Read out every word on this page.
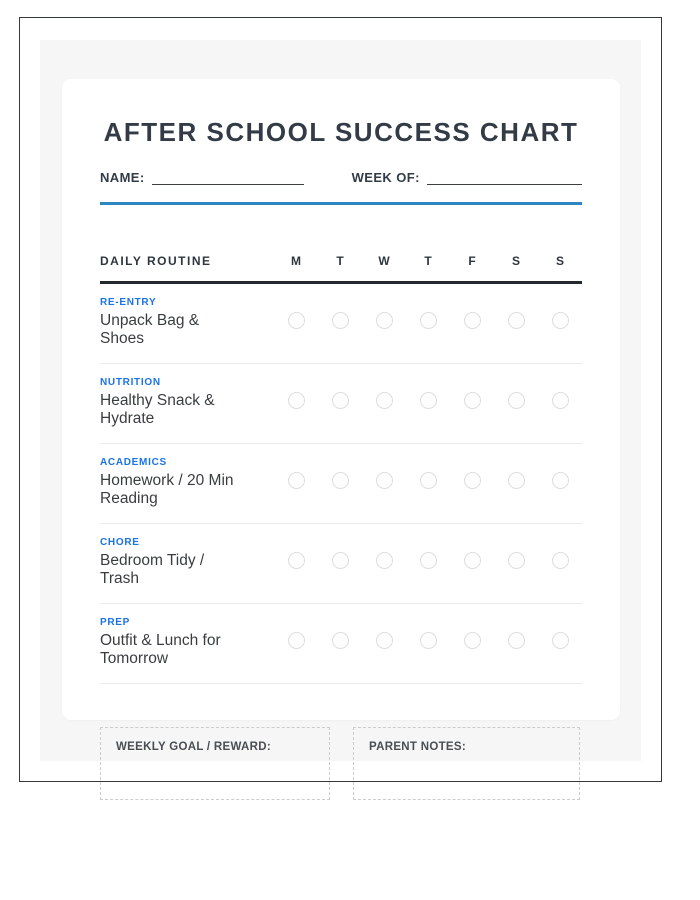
AFTER SCHOOL SUCCESS CHART
NAME:	WEEK OF:
DAILY ROUTINE	M	T	W	T	F	S	S
RE-ENTRY
Unpack Bag &
Shoes
NUTRITION
Healthy Snack &
Hydrate
ACADEMICS
Homework / 20 Min
Reading
CHORE
Bedroom Tidy /
Trash
PREP
Outfit & Lunch for
Tomorrow
WEEKLY GOAL / REWARD:	PARENT NOTES:
